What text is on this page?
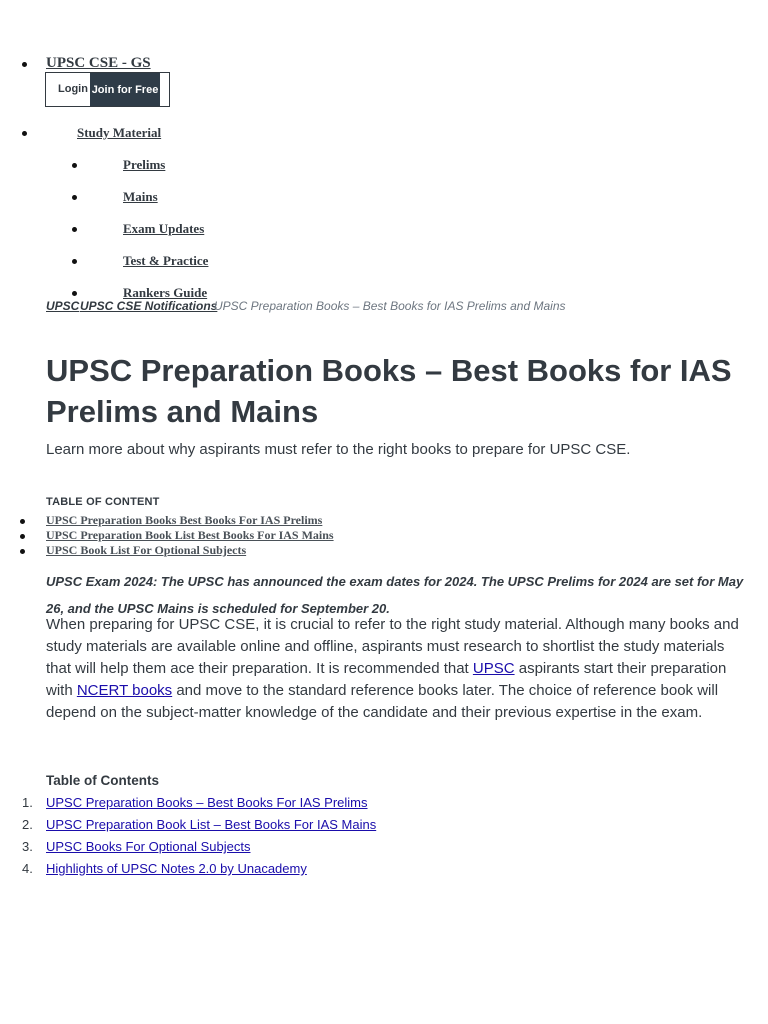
UPSC CSE - GS
Login Join for Free
Study Material
Prelims
Mains
Exam Updates
Test & Practice
Rankers Guide
UPSC UPSC CSE Notifications
UPSC Preparation Books – Best Books for IAS Prelims and Mains
UPSC Preparation Books – Best Books for IAS Prelims and Mains
Learn more about why aspirants must refer to the right books to prepare for UPSC CSE.
TABLE OF CONTENT
UPSC Preparation Books Best Books For IAS Prelims
UPSC Preparation Book List Best Books For IAS Mains
UPSC Book List For Optional Subjects
UPSC Exam 2024: The UPSC has announced the exam dates for 2024. The UPSC Prelims for 2024 are set for May 26, and the UPSC Mains is scheduled for September 20.

When preparing for UPSC CSE, it is crucial to refer to the right study material. Although many books and study materials are available online and offline, aspirants must research to shortlist the study materials that will help them ace their preparation. It is recommended that UPSC aspirants start their preparation with NCERT books and move to the standard reference books later. The choice of reference book will depend on the subject-matter knowledge of the candidate and their previous expertise in the exam.

Table of Contents
1. UPSC Preparation Books – Best Books For IAS Prelims
2. UPSC Preparation Book List – Best Books For IAS Mains
3. UPSC Books For Optional Subjects
4. Highlights of UPSC Notes 2.0 by Unacademy
